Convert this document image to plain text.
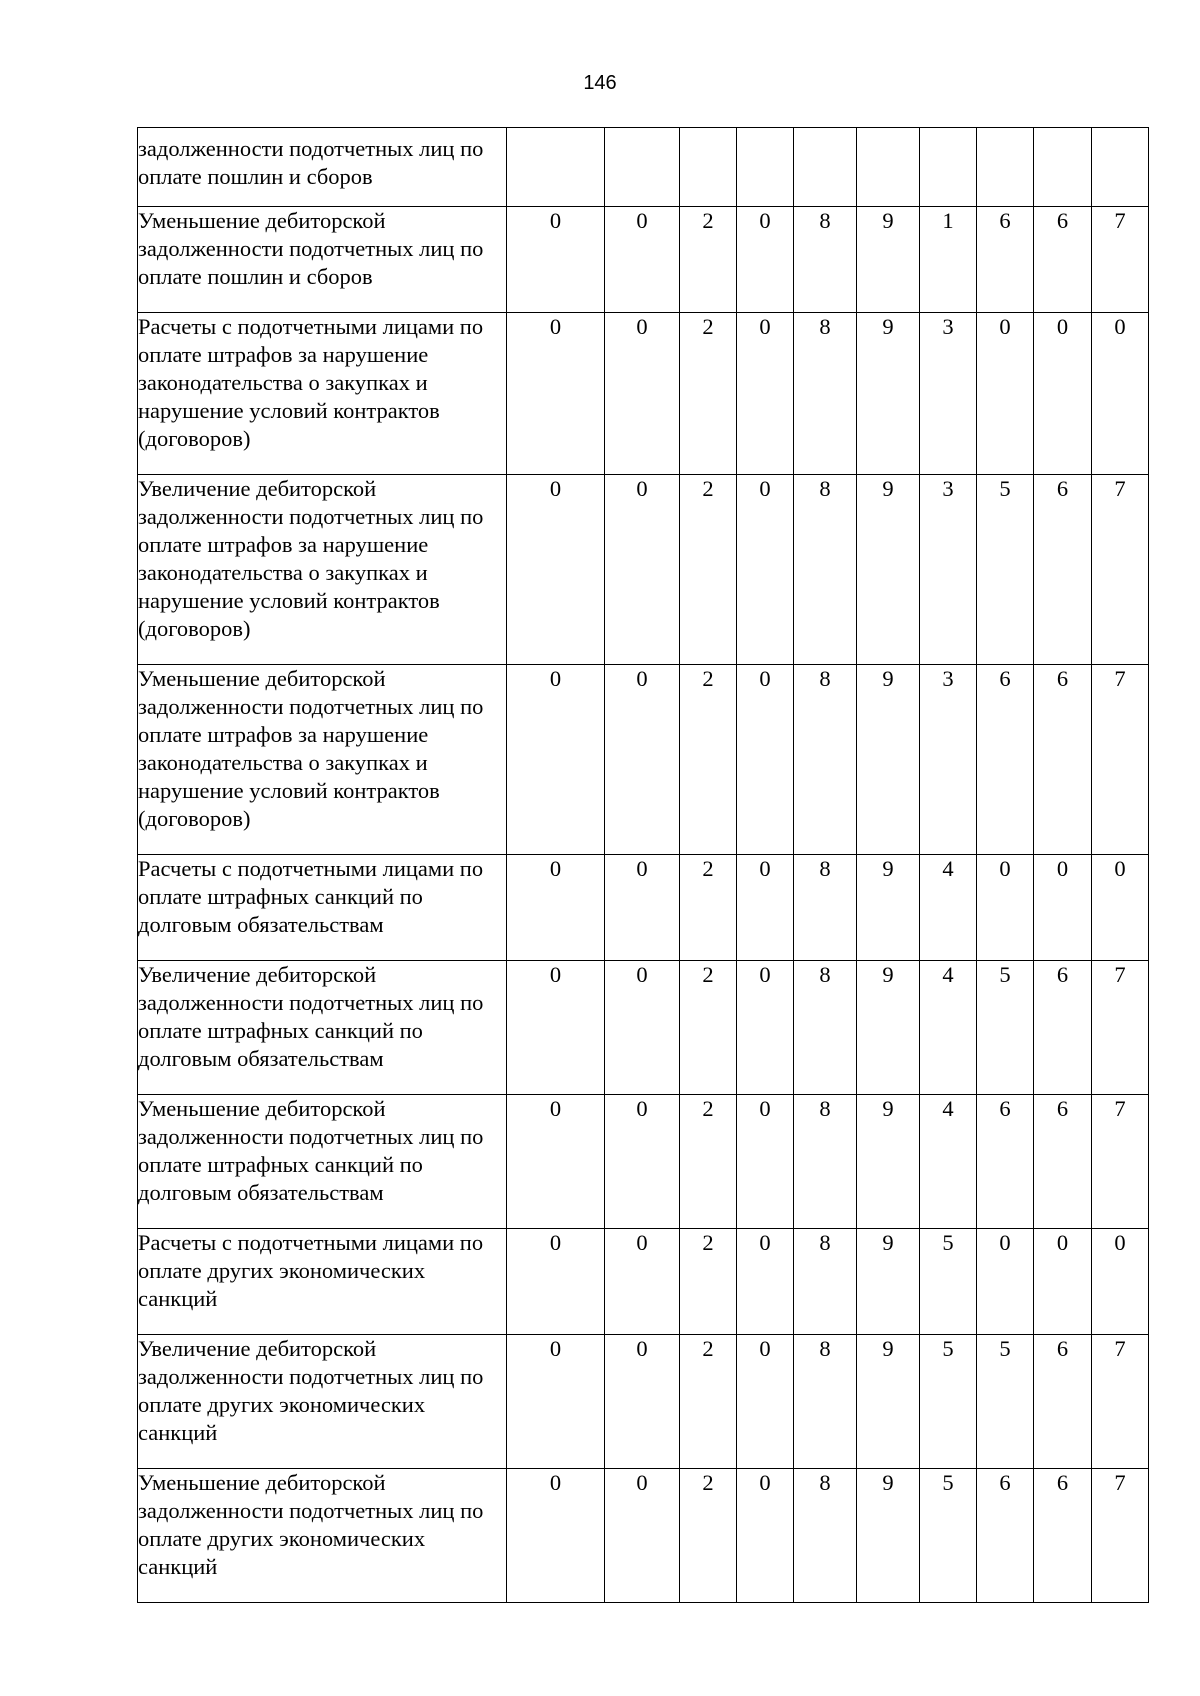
146
задолженности подотчетных лиц по оплате пошлин и сборов										
Уменьшение дебиторской задолженности подотчетных лиц по оплате пошлин и сборов	0	0	2	0	8	9	1	6	6	7
Расчеты с подотчетными лицами по оплате штрафов за нарушение законодательства о закупках и нарушение условий контрактов (договоров)	0	0	2	0	8	9	3	0	0	0
Увеличение дебиторской задолженности подотчетных лиц по оплате штрафов за нарушение законодательства о закупках и нарушение условий контрактов (договоров)	0	0	2	0	8	9	3	5	6	7
Уменьшение дебиторской задолженности подотчетных лиц по оплате штрафов за нарушение законодательства о закупках и нарушение условий контрактов (договоров)	0	0	2	0	8	9	3	6	6	7
Расчеты с подотчетными лицами по оплате штрафных санкций по долговым обязательствам	0	0	2	0	8	9	4	0	0	0
Увеличение дебиторской задолженности подотчетных лиц по оплате штрафных санкций по долговым обязательствам	0	0	2	0	8	9	4	5	6	7
Уменьшение дебиторской задолженности подотчетных лиц по оплате штрафных санкций по долговым обязательствам	0	0	2	0	8	9	4	6	6	7
Расчеты с подотчетными лицами по оплате других экономических санкций	0	0	2	0	8	9	5	0	0	0
Увеличение дебиторской задолженности подотчетных лиц по оплате других экономических санкций	0	0	2	0	8	9	5	5	6	7
Уменьшение дебиторской задолженности подотчетных лиц по оплате других экономических санкций	0	0	2	0	8	9	5	6	6	7
